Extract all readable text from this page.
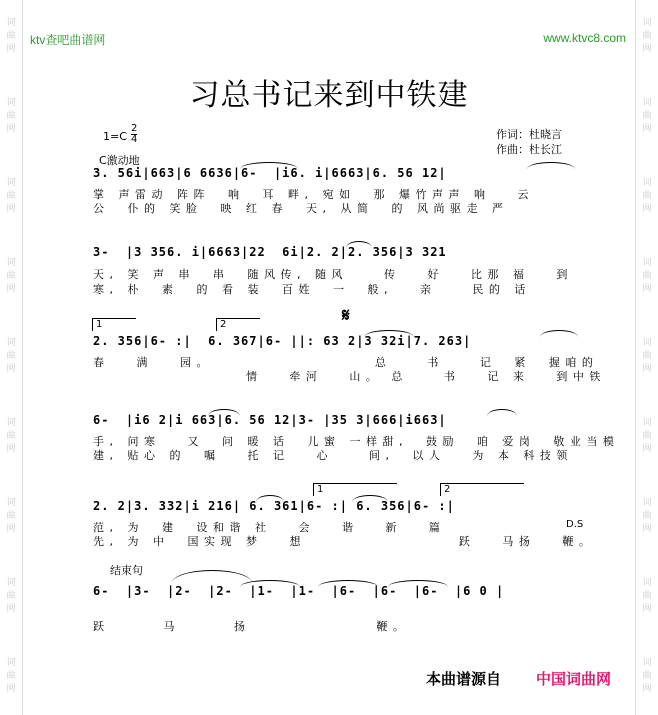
词
曲
网
词
曲
网
词
曲
网
词
曲
网
词
曲
网
词
曲
网
词
曲
网
词
曲
网
词
曲
网
词
曲
网
词
曲
网
词
曲
网
词
曲
网
词
曲
网
词
曲
网
词
曲
网
词
曲
网
词
曲
网
ktv查吧曲谱网	www.ktvc8.com
习总书记来到中铁建
$1=C \frac{2}{4}$
C激动地
作词：杜晓言
作曲：杜长江
3. 56i|663|6 6636|6-  |i6. i|6663|6. 56 12|
掌 声雷动 阵阵  响  耳 畔, 宛如  那 爆竹声声 响   云
公  仆的 笑脸  映 红 春  天, 从简  的 风尚驱走 严
3-  |3 356. i|6663|22  6i|2. 2|2. 356|3 321
天, 笑 声 串  串  随风传, 随风    传   好   比那 福   到
寒, 朴  素  的 看 装  百姓  一  般,   亲    民的 话
1	2	𝄋
2. 356|6- :|  6. 367|6- ||: 63 2|3 32i|7. 263|
春   满   园。                  总    书    记  紧  握咱的
情   牵河   山。 总    书   记 来   到中铁
6-  |i6 2|i 663|6. 56 12|3- |35 3|666|i663|
手, 问寒   又  问 暖 话  儿蜜 一样甜,  鼓励  咱 爱岗  敬业当模
建, 贴心 的  嘱   托 记   心    间,  以人   为 本 科技领
1	2
2. 2|3. 332|i 216| 6. 361|6- :| 6. 356|6- :|
范, 为  建  设和谐 社   会   谐   新   篇
先, 为 中  国实现 梦   想                 跃   马扬   鞭。
D.S
结束句
6-  |3-  |2-  |2-  |1-  |1-  |6-  |6-  |6-  |6 0 |
跃      马      扬              鞭。
本曲谱源自 中国词曲网
